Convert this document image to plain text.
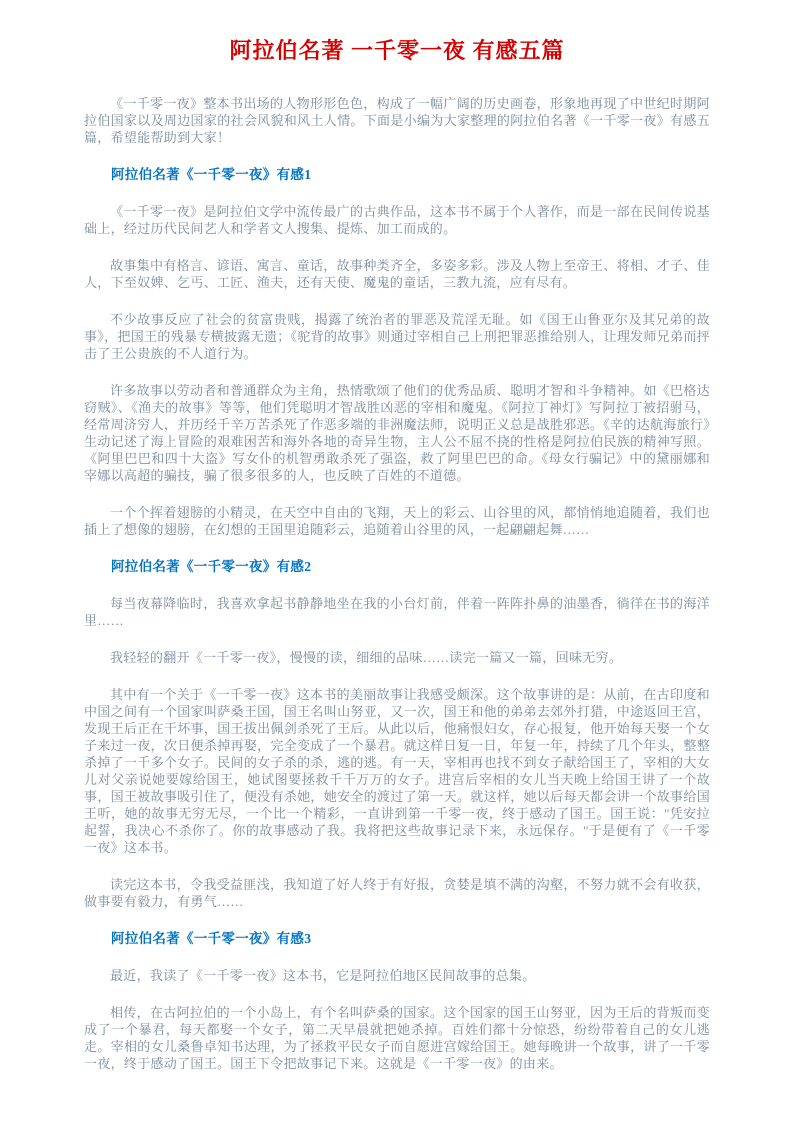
阿拉伯名著 一千零一夜 有感五篇

《一千零一夜》整本书出场的人物形形色色，构成了一幅广阔的历史画卷，形象地再现了中世纪时期阿拉伯国家以及周边国家的社会风貌和风土人情。下面是小编为大家整理的阿拉伯名著《一千零一夜》有感五篇，希望能帮助到大家！

阿拉伯名著《一千零一夜》有感1

《一千零一夜》是阿拉伯文学中流传最广的古典作品，这本书不属于个人著作，而是一部在民间传说基础上，经过历代民间艺人和学者文人搜集、提炼、加工而成的。

故事集中有格言、谚语、寓言、童话，故事种类齐全，多姿多彩。涉及人物上至帝王、将相、才子、佳人，下至奴婢、乞丐、工匠、渔夫，还有天使、魔鬼的童话，三教九流，应有尽有。

不少故事反应了社会的贫富贵贱，揭露了统治者的罪恶及荒淫无耻。如《国王山鲁亚尔及其兄弟的故事》，把国王的残暴专横披露无遗；《驼背的故事》则通过宰相自己上刑把罪恶推给别人，让理发师兄弟而抨击了王公贵族的不人道行为。

许多故事以劳动者和普通群众为主角，热情歌颂了他们的优秀品质、聪明才智和斗争精神。如《巴格达窃贼》、《渔夫的故事》等等，他们凭聪明才智战胜凶恶的宰相和魔鬼。《阿拉丁神灯》写阿拉丁被招驸马，经常周济穷人，并历经千辛万苦杀死了作恶多端的非洲魔法师，说明正义总是战胜邪恶。《辛的达航海旅行》生动记述了海上冒险的艰难困苦和海外各地的奇异生物，主人公不屈不挠的性格是阿拉伯民族的精神写照。《阿里巴巴和四十大盗》写女仆的机智勇敢杀死了强盗，救了阿里巴巴的命。《母女行骗记》中的黛丽娜和宰娜以高超的骗技，骗了很多很多的人，也反映了百姓的不道德。

一个个挥着翅膀的小精灵，在天空中自由的飞翔，天上的彩云、山谷里的风，都悄悄地追随着，我们也插上了想像的翅膀，在幻想的王国里追随彩云，追随着山谷里的风，一起翩翩起舞……

阿拉伯名著《一千零一夜》有感2

每当夜幕降临时，我喜欢拿起书静静地坐在我的小台灯前，伴着一阵阵扑鼻的油墨香，徜徉在书的海洋里……

我轻轻的翻开《一千零一夜》，慢慢的读，细细的品味……读完一篇又一篇，回味无穷。

其中有一个关于《一千零一夜》这本书的美丽故事让我感受颇深。这个故事讲的是：从前，在古印度和中国之间有一个国家叫萨桑王国，国王名叫山努亚，又一次，国王和他的弟弟去郊外打猎，中途返回王宫，发现王后正在干坏事，国王拔出佩剑杀死了王后。从此以后，他痛恨妇女，存心报复，他开始每天娶一个女子来过一夜，次日便杀掉再娶，完全变成了一个暴君。就这样日复一日，年复一年，持续了几个年头，整整杀掉了一千多个女子。民间的女子杀的杀，逃的逃。有一天，宰相再也找不到女子献给国王了，宰相的大女儿对父亲说她要嫁给国王，她试图要拯救千千万万的女子。进宫后宰相的女儿当天晚上给国王讲了一个故事，国王被故事吸引住了，便没有杀她，她安全的渡过了第一天。就这样，她以后每天都会讲一个故事给国王听，她的故事无穷无尽，一个比一个精彩，一直讲到第一千零一夜，终于感动了国王。国王说：''凭安拉起誓，我决心不杀你了。你的故事感动了我。我将把这些故事记录下来，永远保存。''于是便有了《一千零一夜》这本书。

读完这本书，令我受益匪浅，我知道了好人终于有好报，贪婪是填不满的沟壑，不努力就不会有收获，做事要有毅力，有勇气……

阿拉伯名著《一千零一夜》有感3

最近，我读了《一千零一夜》这本书，它是阿拉伯地区民间故事的总集。

相传，在古阿拉伯的一个小岛上，有个名叫萨桑的国家。这个国家的国王山努亚，因为王后的背叛而变成了一个暴君，每天都娶一个女子，第二天早晨就把她杀掉。百姓们都十分惊恐，纷纷带着自己的女儿逃走。宰相的女儿桑鲁卓知书达理，为了拯救平民女子而自愿进宫嫁给国王。她每晚讲一个故事，讲了一千零一夜，终于感动了国王。国王下令把故事记下来。这就是《一千零一夜》的由来。
